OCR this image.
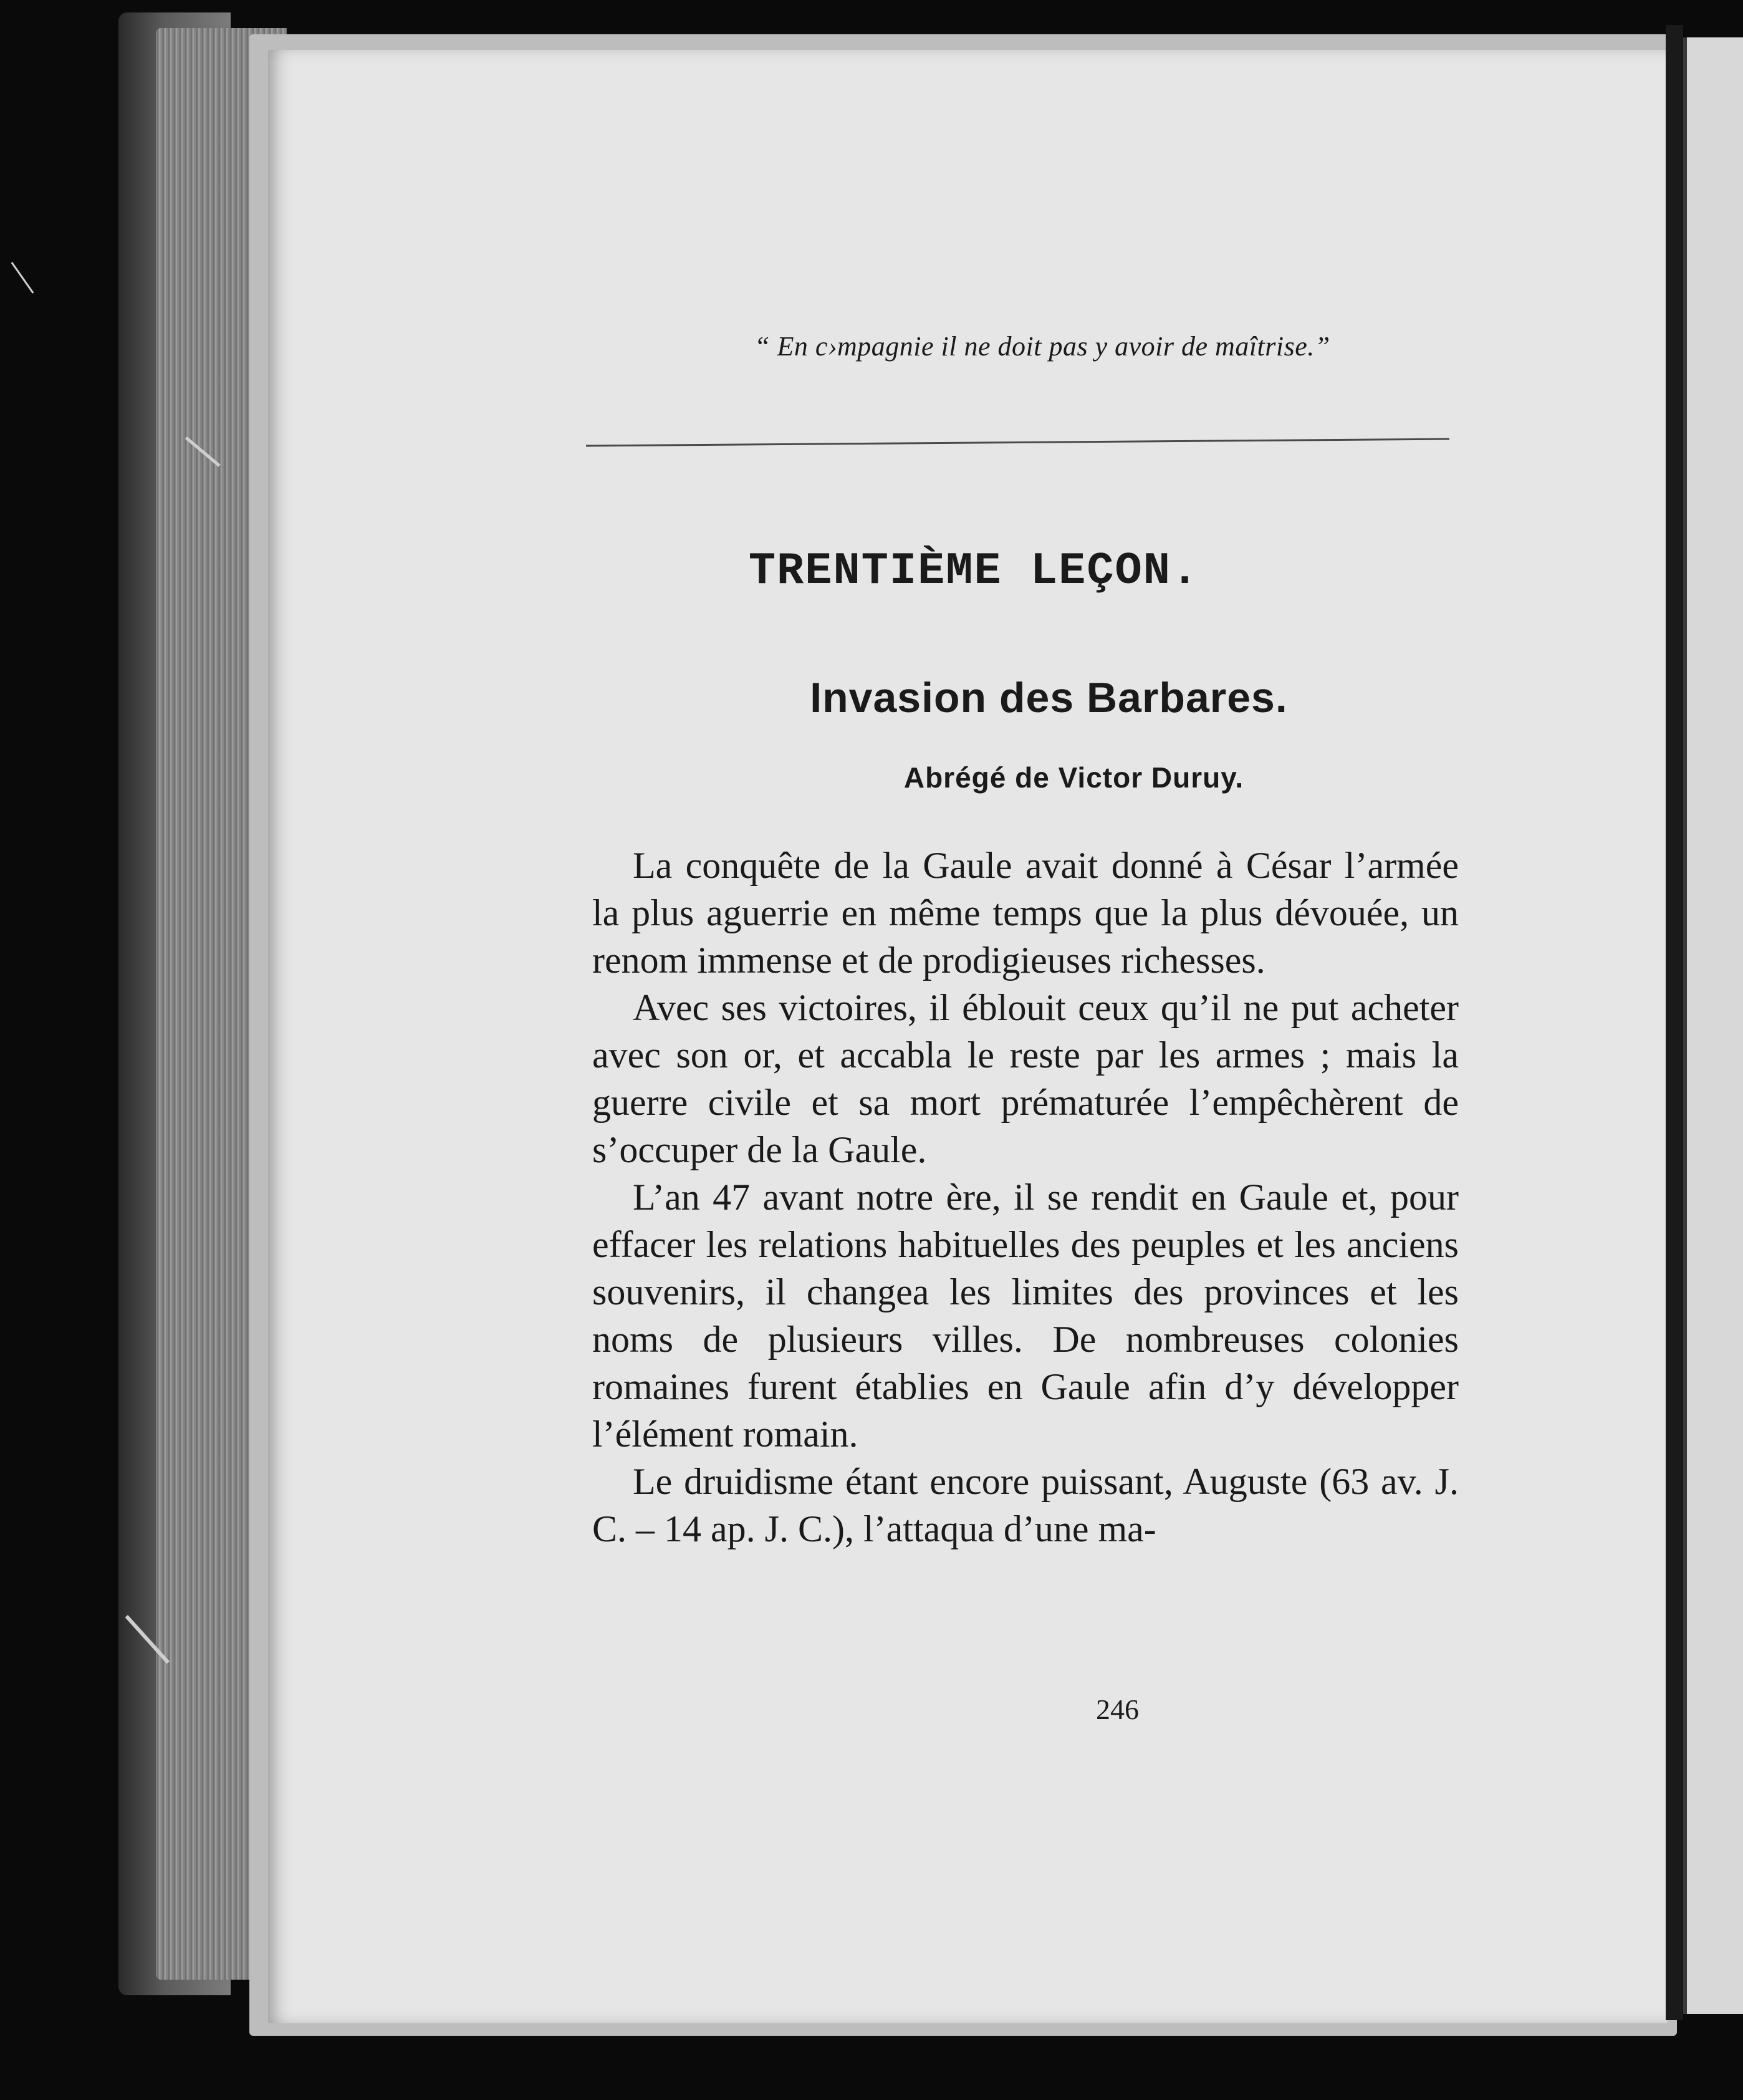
“ En c›mpagnie il ne doit pas y avoir de maîtrise.”
TRENTIÈME LEÇON.
Invasion des Barbares.
Abrégé de Victor Duruy.

La conquête de la Gaule avait donné à César l’armée la plus aguerrie en même temps que la plus dévouée, un renom immense et de prodigieuses richesses.

Avec ses victoires, il éblouit ceux qu’il ne put acheter avec son or, et accabla le reste par les armes ; mais la guerre civile et sa mort prématurée l’empêchèrent de s’occuper de la Gaule.

L’an 47 avant notre ère, il se rendit en Gaule et, pour effacer les relations habituelles des peuples et les anciens souvenirs, il changea les limites des provinces et les noms de plusieurs villes. De nombreuses colonies romaines furent établies en Gaule afin d’y développer l’élément romain.

Le druidisme étant encore puissant, Auguste (63 av. J. C. – 14 ap. J. C.), l’attaqua d’une ma-

246
